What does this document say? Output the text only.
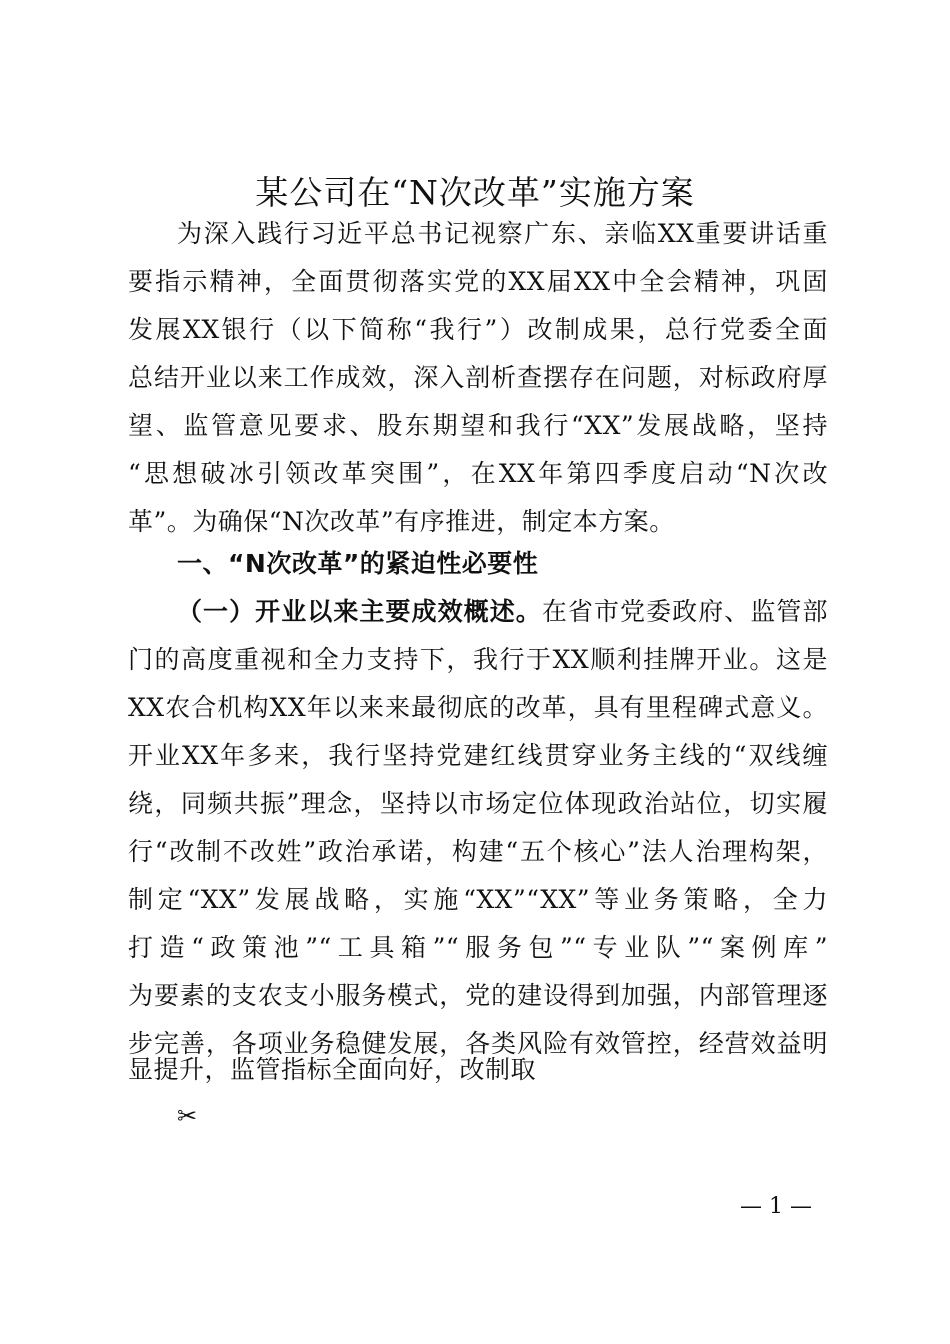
某公司在“N次改革”实施方案
为深入践行习近平总书记视察广东、亲临XX重要讲话重
要指示精神，全面贯彻落实党的XX届XX中全会精神，巩固
发展XX银行（以下简称“我行”）改制成果，总行党委全面
总结开业以来工作成效，深入剖析查摆存在问题，对标政府厚
望、监管意见要求、股东期望和我行“XX”发展战略，坚持
“思想破冰引领改革突围”，在XX年第四季度启动“N次改
革”。为确保“N次改革”有序推进，制定本方案。
一、“N次改革”的紧迫性必要性
（一）开业以来主要成效概述。在省市党委政府、监管部
门的高度重视和全力支持下，我行于XX顺利挂牌开业。这是
XX农合机构XX年以来来最彻底的改革，具有里程碑式意义。
开业XX年多来，我行坚持党建红线贯穿业务主线的“双线缠
绕，同频共振”理念，坚持以市场定位体现政治站位，切实履
行“改制不改姓”政治承诺，构建“五个核心”法人治理构架，
制定“XX”发展战略，实施“XX”“XX”等业务策略，全力
打造“政策池”“工具箱”“服务包”“专业队”“案例库”
为要素的支农支小服务模式，党的建设得到加强，内部管理逐
步完善，各项业务稳健发展，各类风险有效管控，经营效益明
显提升，监管指标全面向好，改制取
✂
— 1 —
